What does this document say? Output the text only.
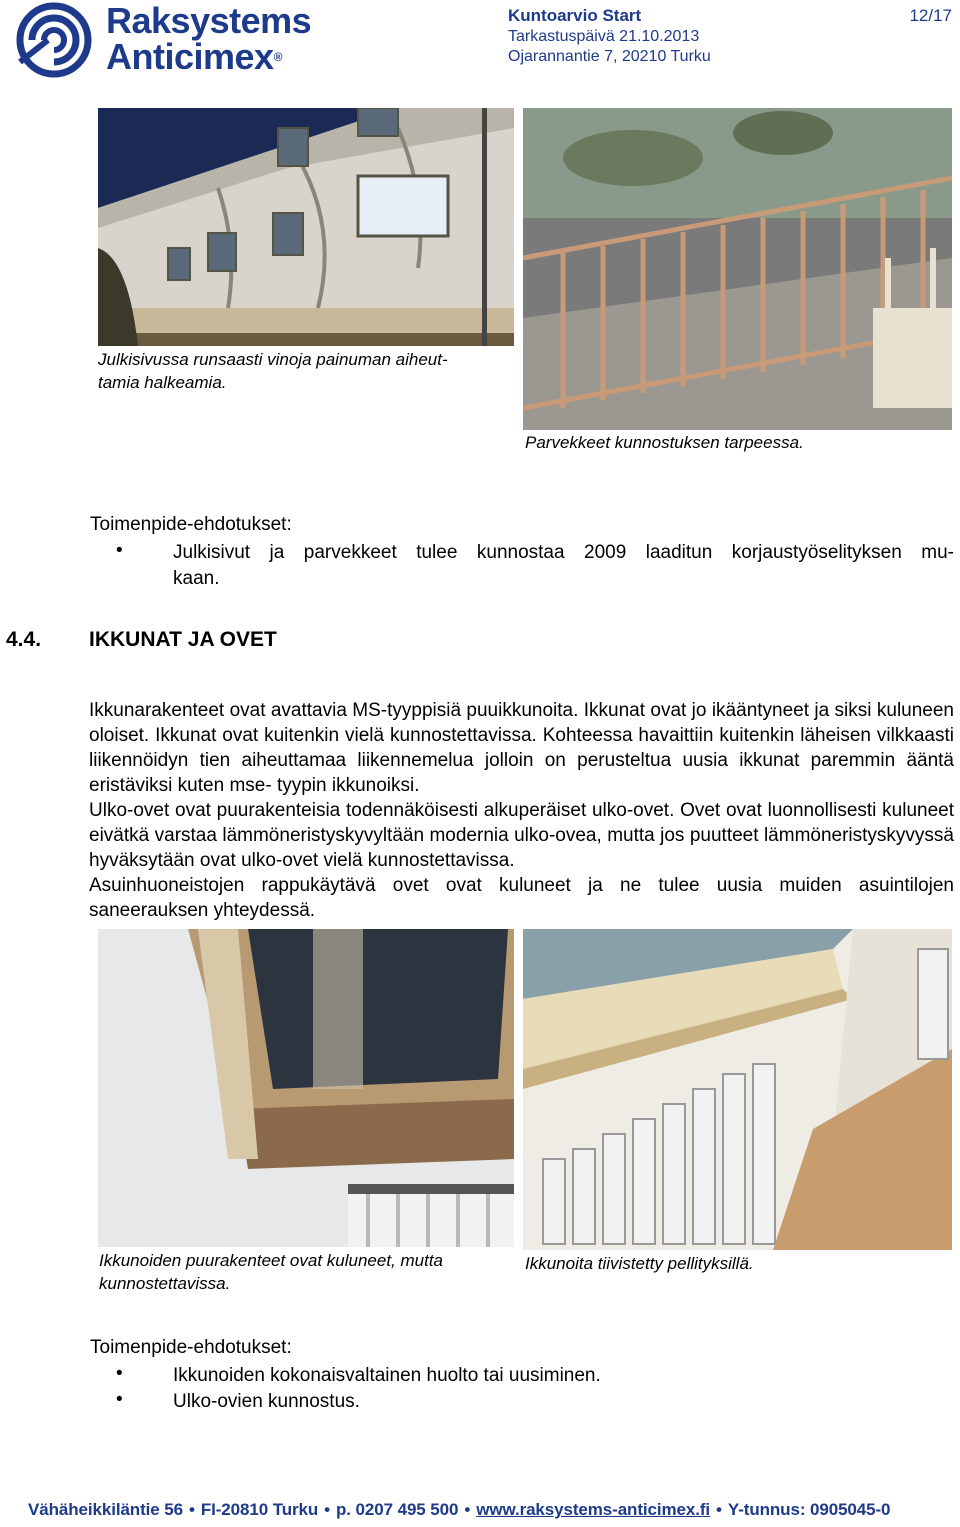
Raksystems
Anticimex®
Kuntoarvio Start
Tarkastuspäivä 21.10.2013
Ojarannantie 7, 20210 Turku
12/17
Julkisivussa runsaasti vinoja painuman aiheut-
tamia halkeamia.
Parvekkeet kunnostuksen tarpeessa.
Toimenpide-ehdotukset:
•	Julkisivut ja parvekkeet tulee kunnostaa 2009 laaditun korjaustyöselityksen mu-
kaan.
4.4. IKKUNAT JA OVET

Ikkunarakenteet ovat avattavia MS-tyyppisiä puuikkunoita. Ikkunat ovat jo ikääntyneet ja siksi kuluneen oloiset. Ikkunat ovat kuitenkin vielä kunnostettavissa. Kohteessa havaittiin kuitenkin läheisen vilkkaasti liikennöidyn tien aiheuttamaa liikennemelua jolloin on perusteltua uusia ikkunat paremmin ääntä eristäviksi kuten mse- tyypin ikkunoiksi.

Ulko-ovet ovat puurakenteisia todennäköisesti alkuperäiset ulko-ovet. Ovet ovat luonnollisesti kuluneet eivätkä varstaa lämmöneristyskyvyltään modernia ulko-ovea, mutta jos puutteet lämmöneristyskyvyssä hyväksytään ovat ulko-ovet vielä kunnostettavissa.

Asuinhuoneistojen rappukäytävä ovet ovat kuluneet ja ne tulee uusia muiden asuintilojen saneerauksen yhteydessä.

Ikkunoiden puurakenteet ovat kuluneet, mutta
kunnostettavissa.
Ikkunoita tiivistetty pellityksillä.
Toimenpide-ehdotukset:
•	Ikkunoiden kokonaisvaltainen huolto tai uusiminen.
•	Ulko-ovien kunnostus.
Vähäheikkiläntie 56 • FI-20810 Turku • p. 0207 495 500 • www.raksystems-anticimex.fi • Y-tunnus: 0905045-0
